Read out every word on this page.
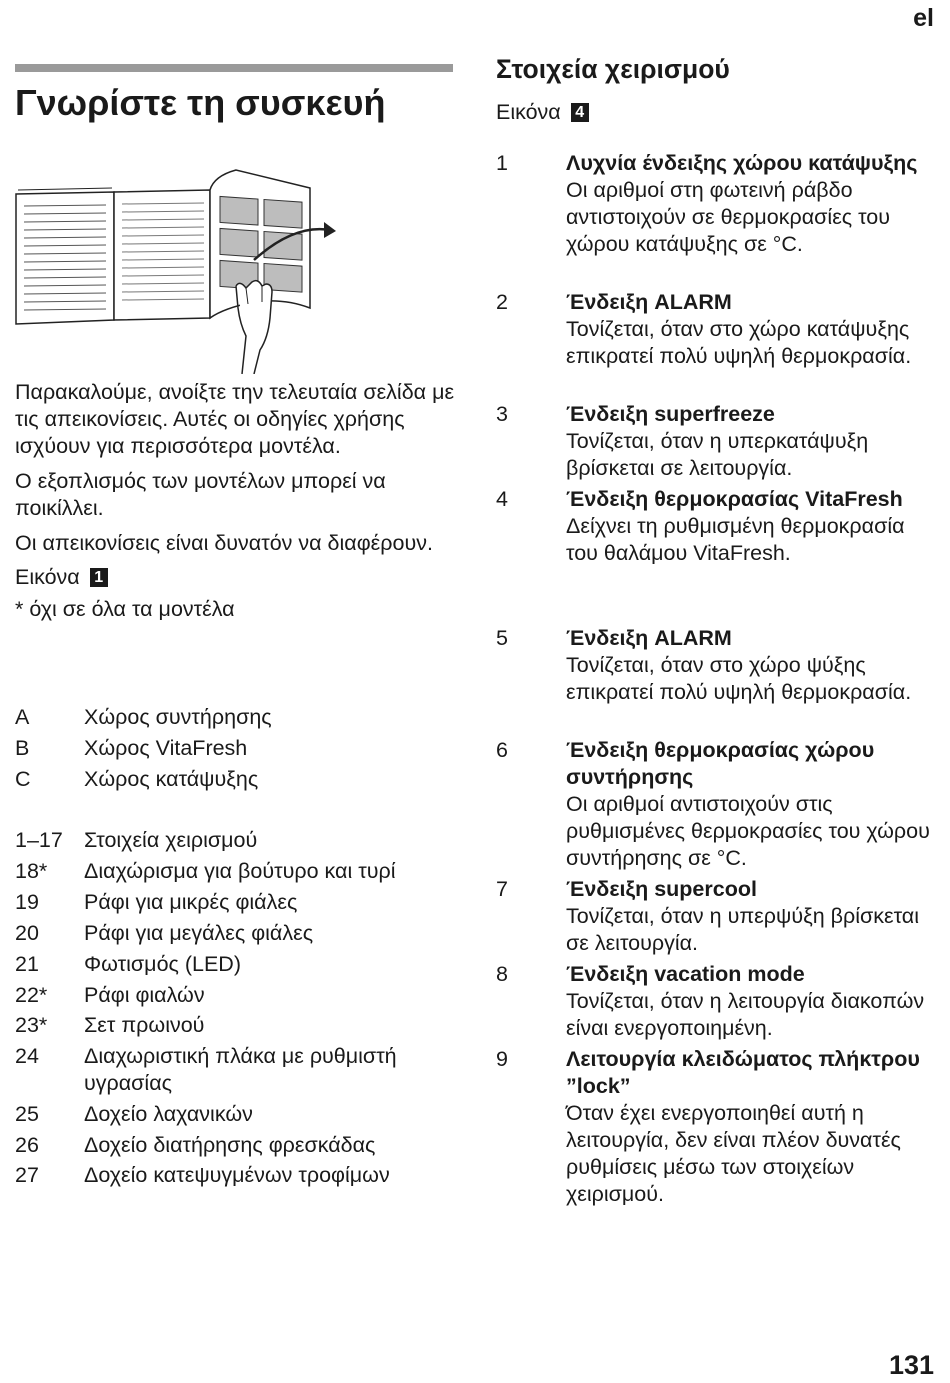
el
Γνωρίστε τη συσκευή

Παρακαλούμε, ανοίξτε την τελευταία σελίδα με τις απεικονίσεις. Αυτές οι οδηγίες χρήσης ισχύουν για περισσότερα μοντέλα.

Ο εξοπλισμός των μοντέλων μπορεί να ποικίλλει.

Οι απεικονίσεις είναι δυνατόν να διαφέρουν.

Εικόνα 1

* όχι σε όλα τα μοντέλα

A	Χώρος συντήρησης
B	Χώρος VitaFresh
C Χώρος κατάψυξης
1–17 Στοιχεία χειρισμού
18* Διαχώρισμα για βούτυρο και τυρί
19 Ράφι για μικρές φιάλες
20 Ράφι για μεγάλες φιάλες
21 Φωτισμός (LED)
22* Ράφι φιαλών
23* Σετ πρωινού
24 Διαχωριστική πλάκα με ρυθμιστή υγρασίας
25 Δοχείο λαχανικών
26 Δοχείο διατήρησης φρεσκάδας
27 Δοχείο κατεψυγμένων τροφίμων
Στοιχεία χειρισμού
Εικόνα 4
1	Λυχνία ένδειξης χώρου κατάψυξης
Οι αριθμοί στη φωτεινή ράβδο αντιστοιχούν σε θερμοκρασίες του χώρου κατάψυξης σε °C.
2	Ένδειξη ALARM
Τονίζεται, όταν στο χώρο κατάψυξης επικρατεί πολύ υψηλή θερμοκρασία.
3	Ένδειξη superfreeze
Τονίζεται, όταν η υπερκατάψυξη βρίσκεται σε λειτουργία.
4	Ένδειξη θερμοκρασίας VitaFresh
Δείχνει τη ρυθμισμένη θερμοκρασία του θαλάμου VitaFresh.
5	Ένδειξη ALARM
Τονίζεται, όταν στο χώρο ψύξης επικρατεί πολύ υψηλή θερμοκρασία.
6	Ένδειξη θερμοκρασίας χώρου συντήρησης
Οι αριθμοί αντιστοιχούν στις ρυθμισμένες θερμοκρασίες του χώρου συντήρησης σε °C.
7	Ένδειξη supercool
Τονίζεται, όταν η υπερψύξη βρίσκεται σε λειτουργία.
8	Ένδειξη vacation mode
Τονίζεται, όταν η λειτουργία διακοπών είναι ενεργοποιημένη.
9	Λειτουργία κλειδώματος πλήκτρου ”lock”
Όταν έχει ενεργοποιηθεί αυτή η λειτουργία, δεν είναι πλέον δυνατές ρυθμίσεις μέσω των στοιχείων χειρισμού.
131
